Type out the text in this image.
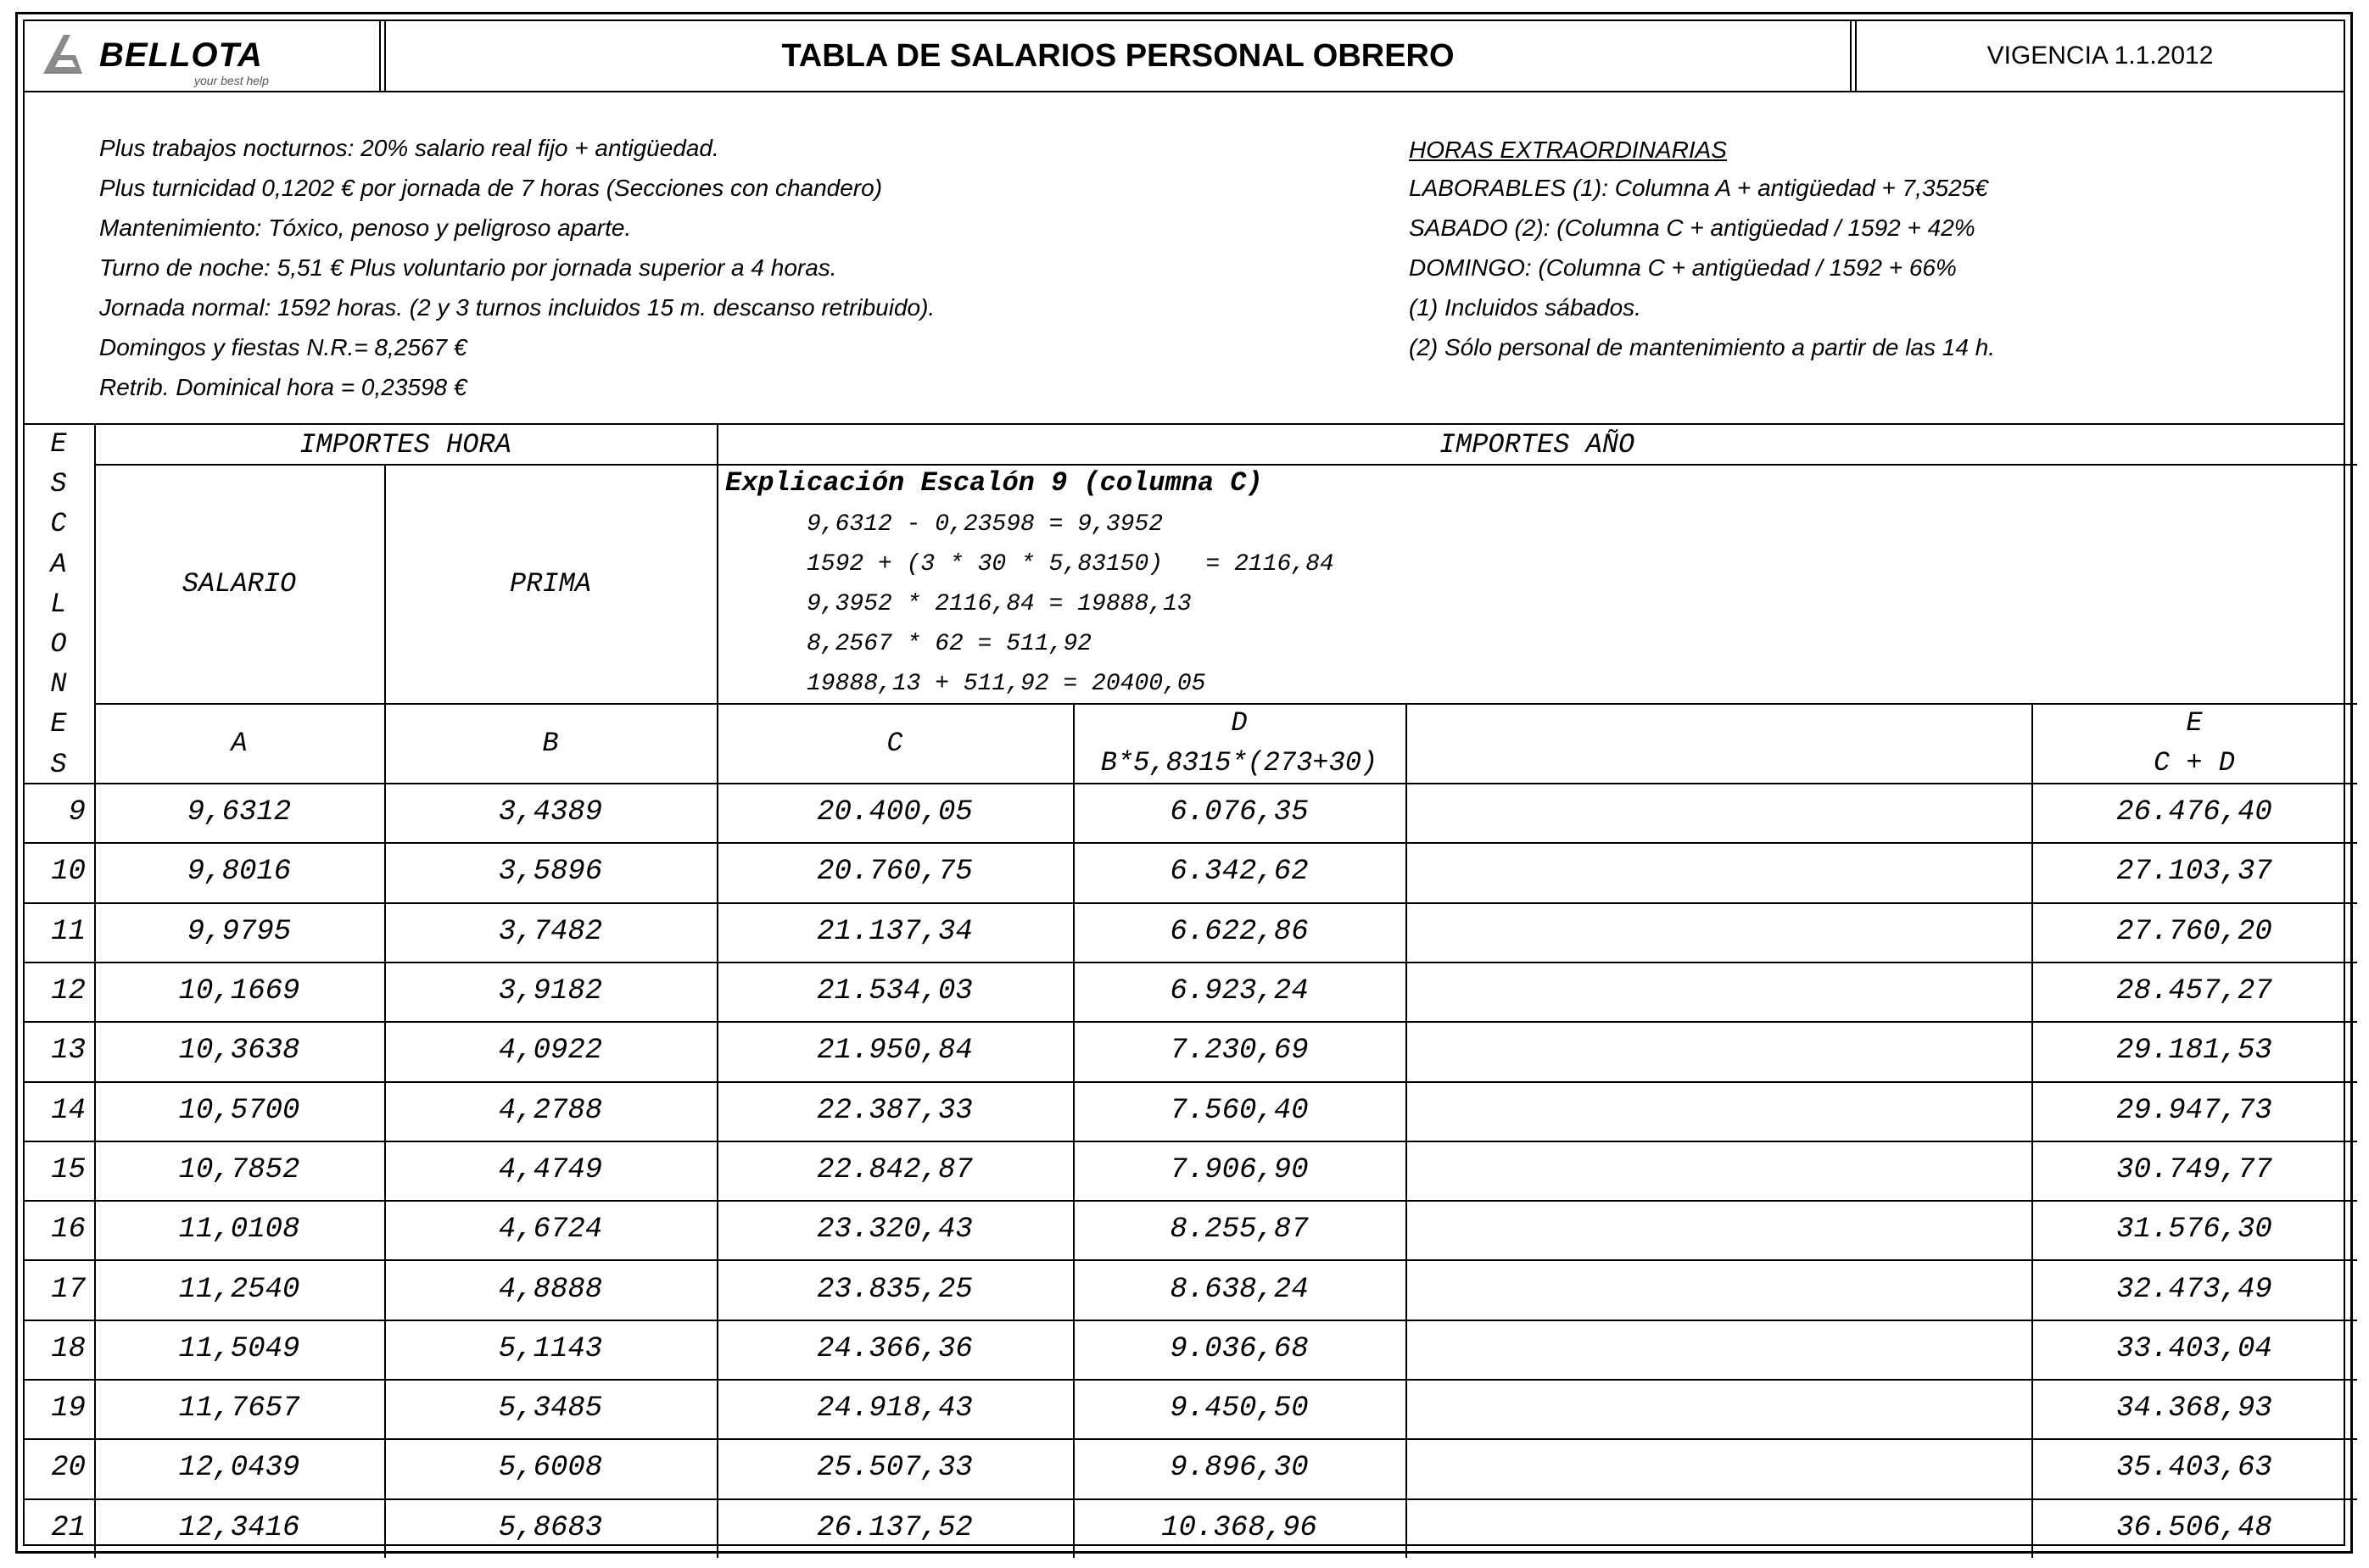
BELLOTA
your best help
TABLA DE SALARIOS PERSONAL OBRERO	VIGENCIA 1.1.2012
Plus trabajos nocturnos: 20% salario real fijo + antigüedad.
Plus turnicidad 0,1202 € por jornada de 7 horas (Secciones con chandero)
Mantenimiento: Tóxico, penoso y peligroso aparte.
Turno de noche: 5,51 € Plus voluntario por jornada superior a 4 horas.
Jornada normal: 1592 horas. (2 y 3 turnos incluidos 15 m. descanso retribuido).
Domingos y fiestas N.R.= 8,2567 €
Retrib. Dominical hora = 0,23598 €
HORAS EXTRAORDINARIAS
LABORABLES (1): Columna A + antigüedad + 7,3525€
SABADO (2): (Columna C + antigüedad / 1592 + 42%
DOMINGO: (Columna C + antigüedad / 1592 + 66%
(1) Incluidos sábados.
(2) Sólo personal de mantenimiento a partir de las 14 h.
E
S
C
A
L
O
N
E
S
IMPORTES HORA	IMPORTES AÑO
SALARIO	PRIMA
Explicación Escalón 9 (columna C)
9,6312 - 0,23598 = 9,3952
1592 + (3 * 30 * 5,83150)   = 2116,84
9,3952 * 2116,84 = 19888,13
8,2567 * 62 = 511,92
19888,13 + 511,92 = 20400,05
A	B	C
D
B*5,8315*(273+30)
E
C + D
9	9,6312	3,4389	20.400,05	6.076,35	26.476,40
10	9,8016	3,5896	20.760,75	6.342,62	27.103,37
11	9,9795	3,7482	21.137,34	6.622,86	27.760,20
12	10,1669	3,9182	21.534,03	6.923,24	28.457,27
13	10,3638	4,0922	21.950,84	7.230,69	29.181,53
14	10,5700	4,2788	22.387,33	7.560,40	29.947,73
15	10,7852	4,4749	22.842,87	7.906,90	30.749,77
16	11,0108	4,6724	23.320,43	8.255,87	31.576,30
17	11,2540	4,8888	23.835,25	8.638,24	32.473,49
18	11,5049	5,1143	24.366,36	9.036,68	33.403,04
19	11,7657	5,3485	24.918,43	9.450,50	34.368,93
20	12,0439	5,6008	25.507,33	9.896,30	35.403,63
21	12,3416	5,8683	26.137,52	10.368,96	36.506,48
